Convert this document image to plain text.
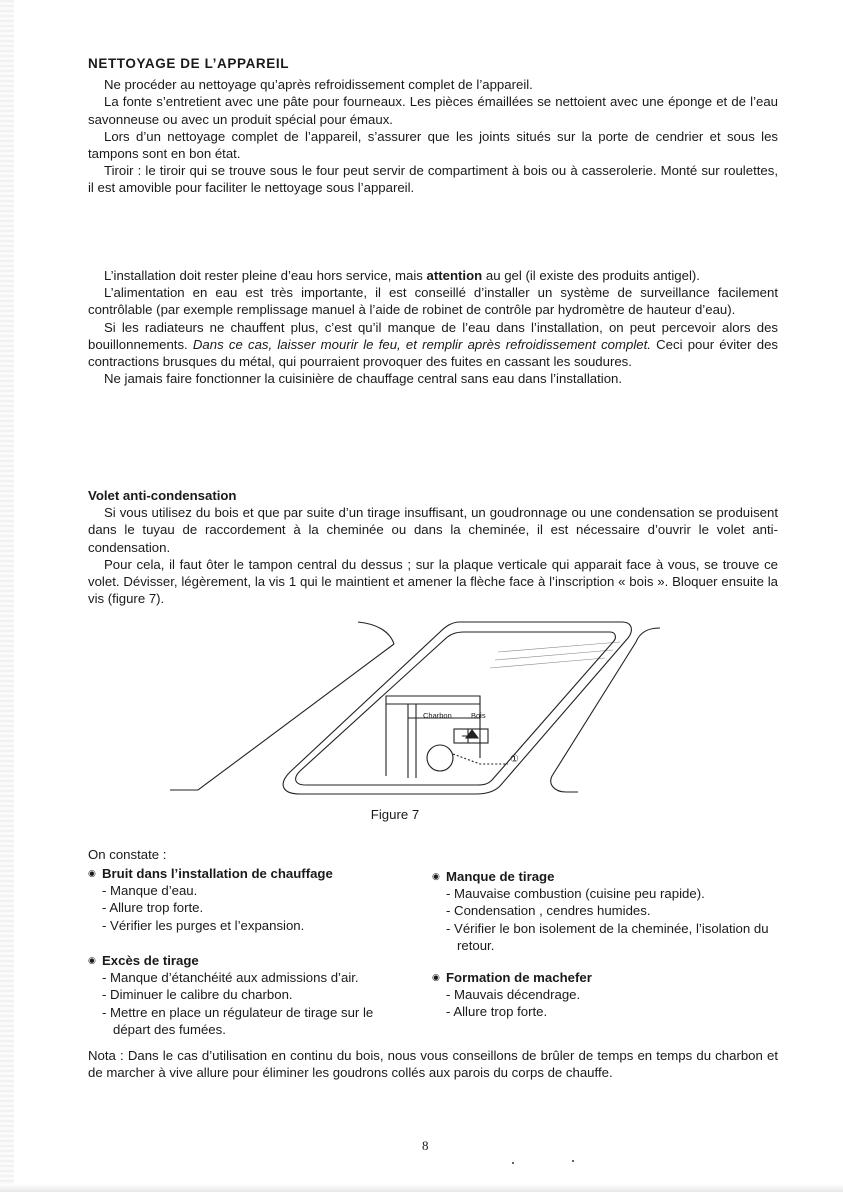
NETTOYAGE DE L’APPAREIL

Ne procéder au nettoyage qu’après refroidissement complet de l’appareil.

La fonte s’entretient avec une pâte pour fourneaux. Les pièces émaillées se nettoient avec une éponge et de l’eau savonneuse ou avec un produit spécial pour émaux.

Lors d’un nettoyage complet de l’appareil, s’assurer que les joints situés sur la porte de cendrier et sous les tampons sont en bon état.

Tiroir : le tiroir qui se trouve sous le four peut servir de compartiment à bois ou à casserolerie. Monté sur roulettes, il est amovible pour faciliter le nettoyage sous l’appareil.

L’installation doit rester pleine d’eau hors service, mais attention au gel (il existe des produits antigel).

L’alimentation en eau est très importante, il est conseillé d’installer un système de surveillance facilement contrôlable (par exemple remplissage manuel à l’aide de robinet de contrôle par hydromètre de hauteur d’eau).

Si les radiateurs ne chauffent plus, c’est qu’il manque de l’eau dans l’installation, on peut percevoir alors des bouillonnements. Dans ce cas, laisser mourir le feu, et remplir après refroidissement complet. Ceci pour éviter des contractions brusques du métal, qui pourraient provoquer des fuites en cassant les soudures.

Ne jamais faire fonctionner la cuisinière de chauffage central sans eau dans l’installation.

Volet anti-condensation

Si vous utilisez du bois et que par suite d’un tirage insuffisant, un goudronnage ou une condensation se produisent dans le tuyau de raccordement à la cheminée ou dans la cheminée, il est nécessaire d’ouvrir le volet anti-condensation.

Pour cela, il faut ôter le tampon central du dessus ; sur la plaque verticale qui apparait face à vous, se trouve ce volet. Dévisser, légèrement, la vis 1 qui le maintient et amener la flèche face à l’inscription « bois ». Bloquer ensuite la vis (figure 7).

Charbon	Bois
①
Figure 7

On constate :

◉ Bruit dans l’installation de chauffage
- Manque d’eau.
- Allure trop forte.
- Vérifier les purges et l’expansion.
◉ Excès de tirage
- Manque d’étanchéité aux admissions d’air.
- Diminuer le calibre du charbon.
- Mettre en place un régulateur de tirage sur le départ des fumées.
◉ Manque de tirage
- Mauvaise combustion (cuisine peu rapide).
- Condensation , cendres humides.
- Vérifier le bon isolement de la cheminée, l’isolation du retour.
◉ Formation de machefer
- Mauvais décendrage.
- Allure trop forte.

Nota : Dans le cas d’utilisation en continu du bois, nous vous conseillons de brûler de temps en temps du charbon et de marcher à vive allure pour éliminer les goudrons collés aux parois du corps de chauffe.

8
